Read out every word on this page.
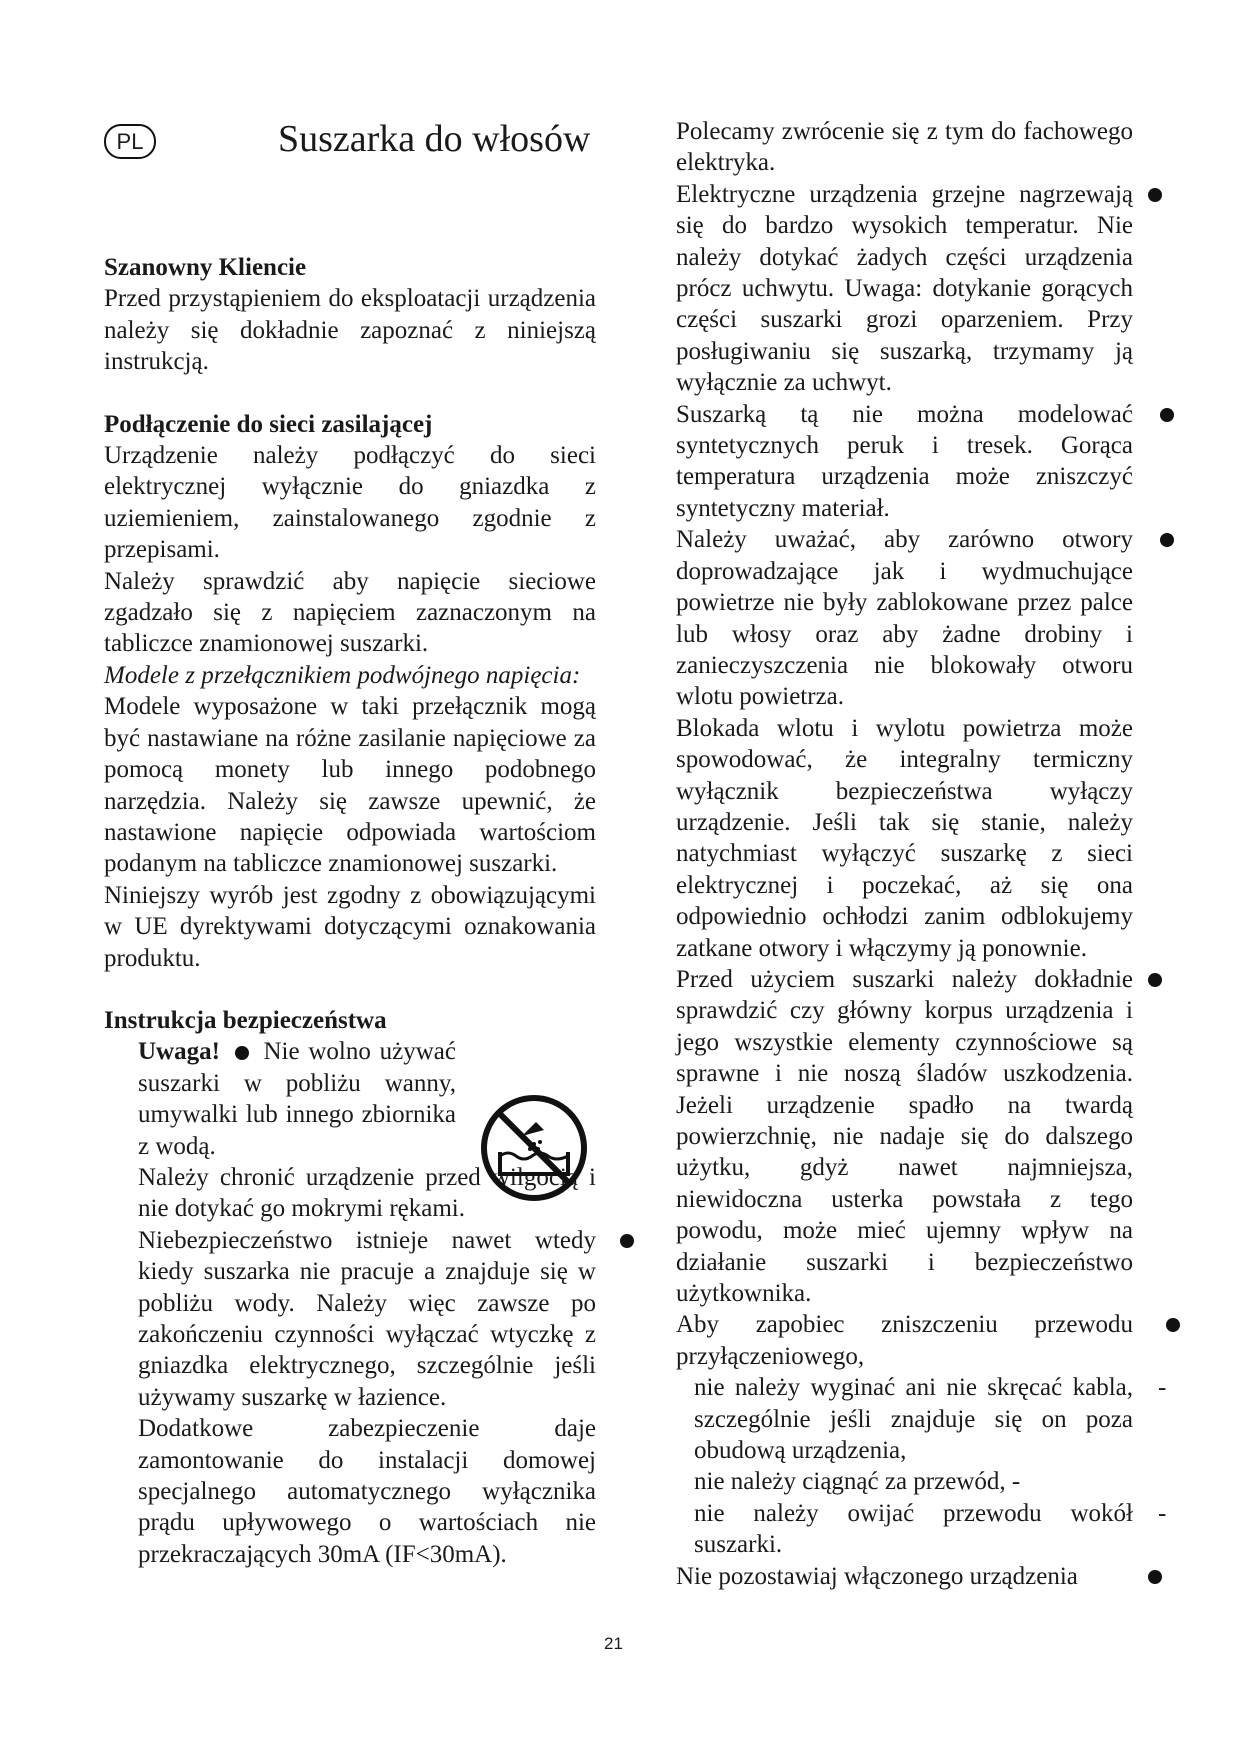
PL	Suszarka do włosów
Szanowny Kliencie

Przed przystąpieniem do eksploatacji urządzenia należy się dokładnie zapoznać z niniejszą instrukcją.

Podłączenie do sieci zasilającej

Urządzenie należy podłączyć do sieci elektrycznej wyłącznie do gniazdka z uziemieniem, zainstalowanego zgodnie z przepisami.

Należy sprawdzić aby napięcie sieciowe zgadzało się z napięciem zaznaczonym na tabliczce znamionowej suszarki.

Modele z przełącznikiem podwójnego napięcia:

Modele wyposażone w taki przełącznik mogą być nastawiane na różne zasilanie napięciowe za pomocą monety lub innego podobnego narzędzia. Należy się zawsze upewnić, że nastawione napięcie odpowiada wartościom podanym na tabliczce znamionowej suszarki.

Niniejszy wyrób jest zgodny z obowiązującymi w UE dyrektywami dotyczącymi oznakowania produktu.

Instrukcja bezpieczeństwa

Uwaga! Nie wolno używać suszarki w pobliżu wanny, umywalki lub innego zbiornika z wodą.

Należy chronić urządzenie przed wilgocią i nie dotykać go mokrymi rękami.

Niebezpieczeństwo istnieje nawet wtedy kiedy suszarka nie pracuje a znajduje się w pobliżu wody. Należy więc zawsze po zakończeniu czynności wyłączać wtyczkę z gniazdka elektrycznego, szczególnie jeśli używamy suszarkę w łazience.

Dodatkowe zabezpieczenie daje zamontowanie do instalacji domowej specjalnego automatycznego wyłącznika prądu upływowego o wartościach nie przekraczających 30mA (IF<30mA).

Polecamy zwrócenie się z tym do fachowego elektryka.

Elektryczne urządzenia grzejne nagrzewają się do bardzo wysokich temperatur. Nie należy dotykać żadych części urządzenia prócz uchwytu. Uwaga: dotykanie gorących części suszarki grozi oparzeniem. Przy posługiwaniu się suszarką, trzymamy ją wyłącznie za uchwyt.

Suszarką tą nie można modelować syntetycznych peruk i tresek. Gorąca temperatura urządzenia może zniszczyć syntetyczny materiał.

Należy uważać, aby zarówno otwory doprowadzające jak i wydmuchujące powietrze nie były zablokowane przez palce lub włosy oraz aby żadne drobiny i zanieczyszczenia nie blokowały otworu wlotu powietrza.

Blokada wlotu i wylotu powietrza może spowodować, że integralny termiczny wyłącznik bezpieczeństwa wyłączy urządzenie. Jeśli tak się stanie, należy natychmiast wyłączyć suszarkę z sieci elektrycznej i poczekać, aż się ona odpowiednio ochłodzi zanim odblokujemy zatkane otwory i włączymy ją ponownie.

Przed użyciem suszarki należy dokładnie sprawdzić czy główny korpus urządzenia i jego wszystkie elementy czynnościowe są sprawne i nie noszą śladów uszkodzenia. Jeżeli urządzenie spadło na twardą powierzchnię, nie nadaje się do dalszego użytku, gdyż nawet najmniejsza, niewidoczna usterka powstała z tego powodu, może mieć ujemny wpływ na działanie suszarki i bezpieczeństwo użytkownika.

Aby zapobiec zniszczeniu przewodu przyłączeniowego,

-

nie należy wyginać ani nie skręcać kabla, szczególnie jeśli znajduje się on poza obudową urządzenia,

nie należy ciągnąć za przewód, -

-

nie należy owijać przewodu wokół suszarki.

Nie pozostawiaj włączonego urządzenia

21
